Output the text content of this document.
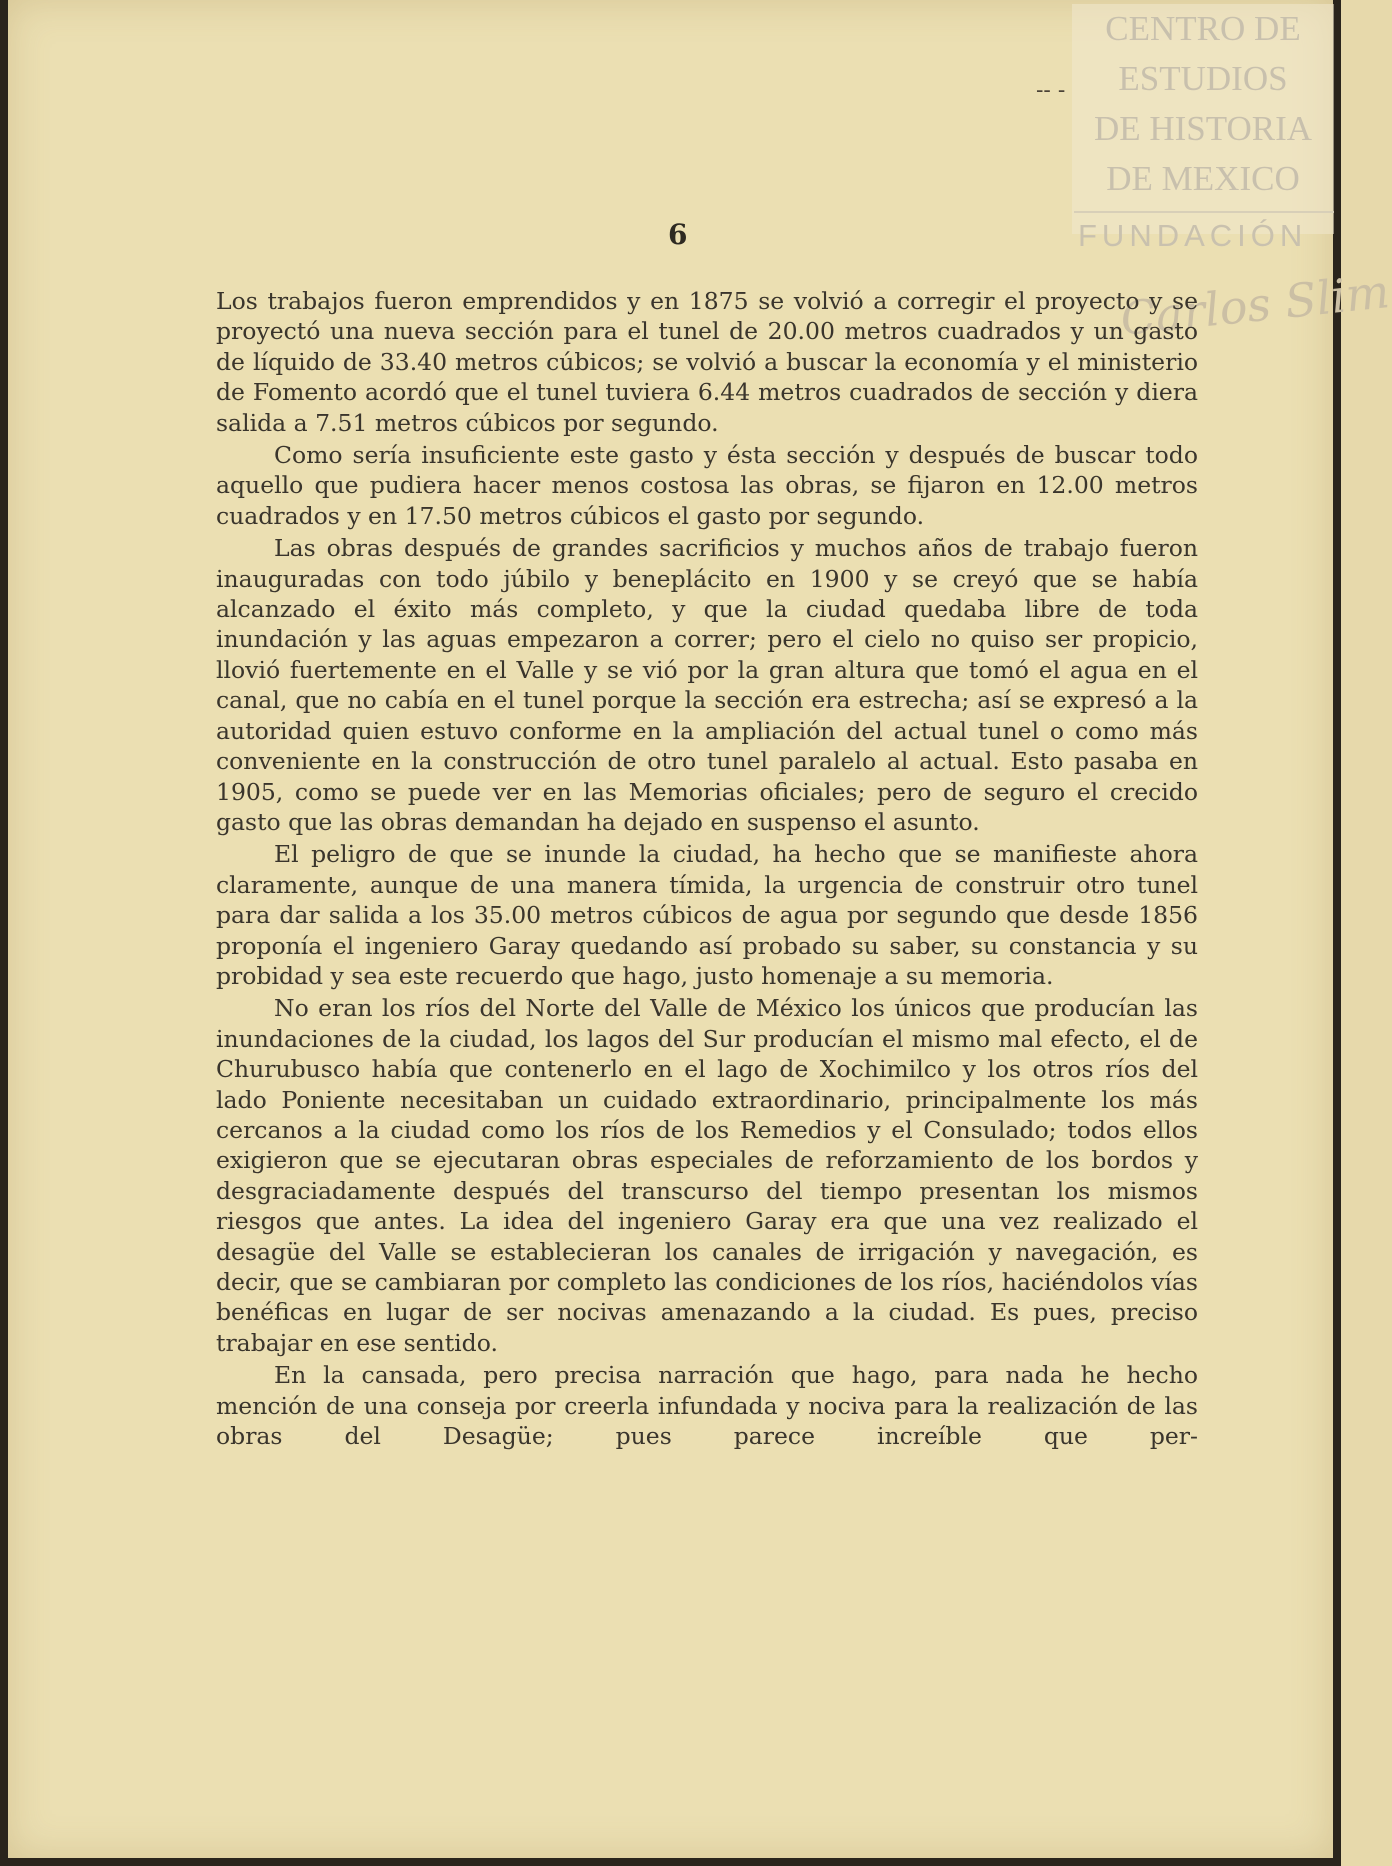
CENTRO DE
ESTUDIOS
DE HISTORIA
DE MEXICO
FUNDACIÓN
Carlos Slim
-- -
6

Los trabajos fueron emprendidos y en 1875 se volvió a corregir el proyecto y se proyectó una nueva sección para el tunel de 20.00 metros cuadrados y un gasto de líquido de 33.40 metros cúbicos; se volvió a buscar la economía y el ministerio de Fomento acordó que el tunel tuviera 6.44 metros cuadrados de sección y diera salida a 7.51 metros cúbicos por segundo.

Como sería insuficiente este gasto y ésta sección y después de buscar todo aquello que pudiera hacer menos costosa las obras, se fijaron en 12.00 metros cuadrados y en 17.50 metros cúbicos el gasto por segundo.

Las obras después de grandes sacrificios y muchos años de trabajo fueron inauguradas con todo júbilo y beneplácito en 1900 y se creyó que se había alcanzado el éxito más completo, y que la ciudad quedaba libre de toda inundación y las aguas empezaron a correr; pero el cielo no quiso ser propicio, llovió fuertemente en el Valle y se vió por la gran altura que tomó el agua en el canal, que no cabía en el tunel porque la sección era estrecha; así se expresó a la autoridad quien estuvo conforme en la ampliación del actual tunel o como más conveniente en la construcción de otro tunel paralelo al actual. Esto pasaba en 1905, como se puede ver en las Memorias oficiales; pero de seguro el crecido gasto que las obras demandan ha dejado en suspenso el asunto.

El peligro de que se inunde la ciudad, ha hecho que se manifieste ahora claramente, aunque de una manera tímida, la urgencia de construir otro tunel para dar salida a los 35.00 metros cúbicos de agua por segundo que desde 1856 proponía el ingeniero Garay quedando así probado su saber, su constancia y su probidad y sea este recuerdo que hago, justo homenaje a su memoria.

No eran los ríos del Norte del Valle de México los únicos que producían las inundaciones de la ciudad, los lagos del Sur producían el mismo mal efecto, el de Churubusco había que contenerlo en el lago de Xochimilco y los otros ríos del lado Poniente necesitaban un cuidado extraordinario, principalmente los más cercanos a la ciudad como los ríos de los Remedios y el Consulado; todos ellos exigieron que se ejecutaran obras especiales de reforzamiento de los bordos y desgraciadamente después del transcurso del tiempo presentan los mismos riesgos que antes. La idea del ingeniero Garay era que una vez realizado el desagüe del Valle se establecieran los canales de irrigación y navegación, es decir, que se cambiaran por completo las condiciones de los ríos, haciéndolos vías benéficas en lugar de ser nocivas amenazando a la ciudad. Es pues, preciso trabajar en ese sentido.

En la cansada, pero precisa narración que hago, para nada he hecho mención de una conseja por creerla infundada y nociva para la realización de las obras del Desagüe; pues parece increíble que per-
